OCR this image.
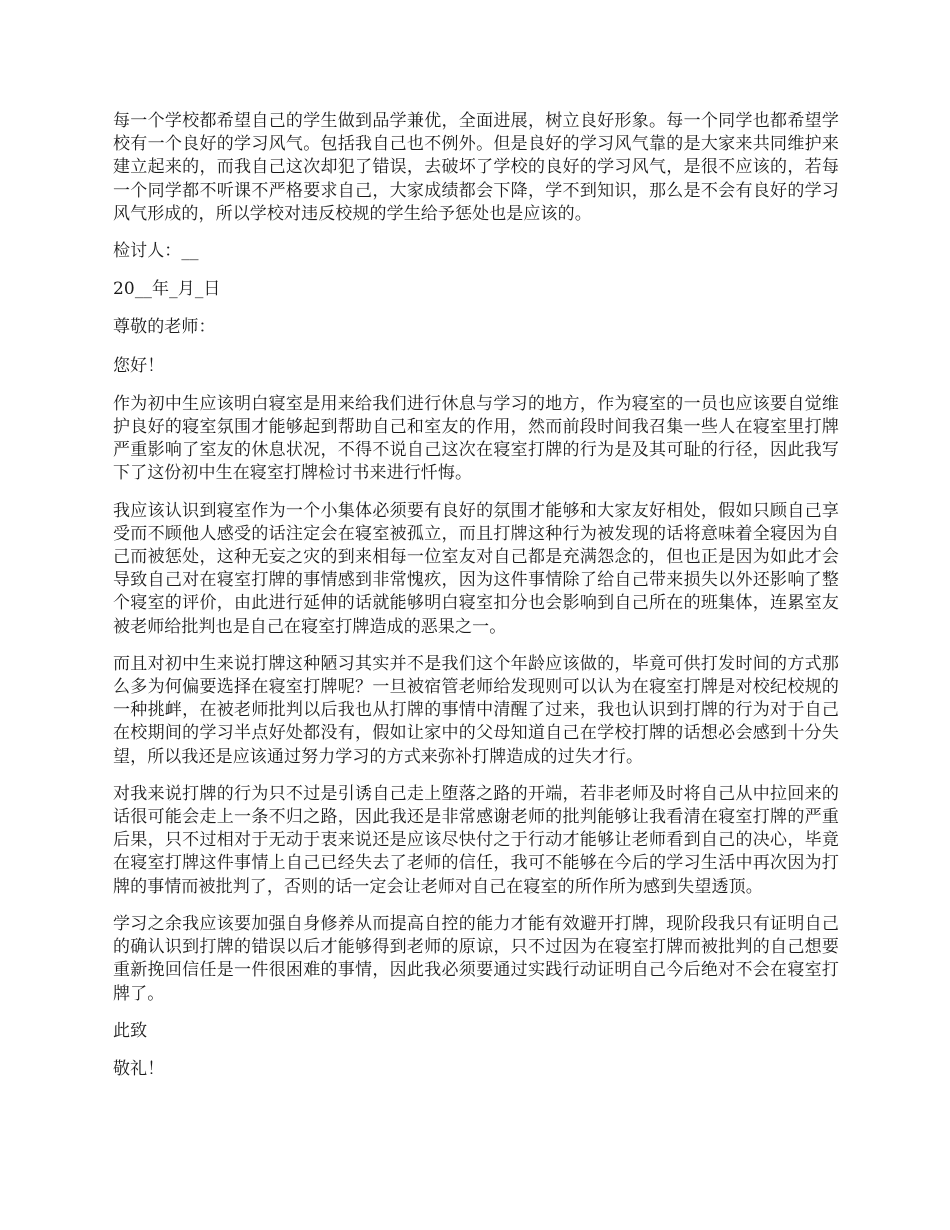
每一个学校都希望自己的学生做到品学兼优，全面进展，树立良好形象。每一个同学也都希望学校有一个良好的学习风气。包括我自己也不例外。但是良好的学习风气靠的是大家来共同维护来建立起来的，而我自己这次却犯了错误，去破坏了学校的良好的学习风气，是很不应该的，若每一个同学都不听课不严格要求自己，大家成绩都会下降，学不到知识，那么是不会有良好的学习风气形成的，所以学校对违反校规的学生给予惩处也是应该的。

检讨人：__

20__年_月_日

尊敬的老师：

您好！

作为初中生应该明白寝室是用来给我们进行休息与学习的地方，作为寝室的一员也应该要自觉维护良好的寝室氛围才能够起到帮助自己和室友的作用，然而前段时间我召集一些人在寝室里打牌严重影响了室友的休息状况，不得不说自己这次在寝室打牌的行为是及其可耻的行径，因此我写下了这份初中生在寝室打牌检讨书来进行忏悔。

我应该认识到寝室作为一个小集体必须要有良好的氛围才能够和大家友好相处，假如只顾自己享受而不顾他人感受的话注定会在寝室被孤立，而且打牌这种行为被发现的话将意味着全寝因为自己而被惩处，这种无妄之灾的到来相每一位室友对自己都是充满怨念的，但也正是因为如此才会导致自己对在寝室打牌的事情感到非常愧疚，因为这件事情除了给自己带来损失以外还影响了整个寝室的评价，由此进行延伸的话就能够明白寝室扣分也会影响到自己所在的班集体，连累室友被老师给批判也是自己在寝室打牌造成的恶果之一。

而且对初中生来说打牌这种陋习其实并不是我们这个年龄应该做的，毕竟可供打发时间的方式那么多为何偏要选择在寝室打牌呢？一旦被宿管老师给发现则可以认为在寝室打牌是对校纪校规的一种挑衅，在被老师批判以后我也从打牌的事情中清醒了过来，我也认识到打牌的行为对于自己在校期间的学习半点好处都没有，假如让家中的父母知道自己在学校打牌的话想必会感到十分失望，所以我还是应该通过努力学习的方式来弥补打牌造成的过失才行。

对我来说打牌的行为只不过是引诱自己走上堕落之路的开端，若非老师及时将自己从中拉回来的话很可能会走上一条不归之路，因此我还是非常感谢老师的批判能够让我看清在寝室打牌的严重后果，只不过相对于无动于衷来说还是应该尽快付之于行动才能够让老师看到自己的决心，毕竟在寝室打牌这件事情上自己已经失去了老师的信任，我可不能够在今后的学习生活中再次因为打牌的事情而被批判了，否则的话一定会让老师对自己在寝室的所作所为感到失望透顶。

学习之余我应该要加强自身修养从而提高自控的能力才能有效避开打牌，现阶段我只有证明自己的确认识到打牌的错误以后才能够得到老师的原谅，只不过因为在寝室打牌而被批判的自己想要重新挽回信任是一件很困难的事情，因此我必须要通过实践行动证明自己今后绝对不会在寝室打牌了。

此致

敬礼！
